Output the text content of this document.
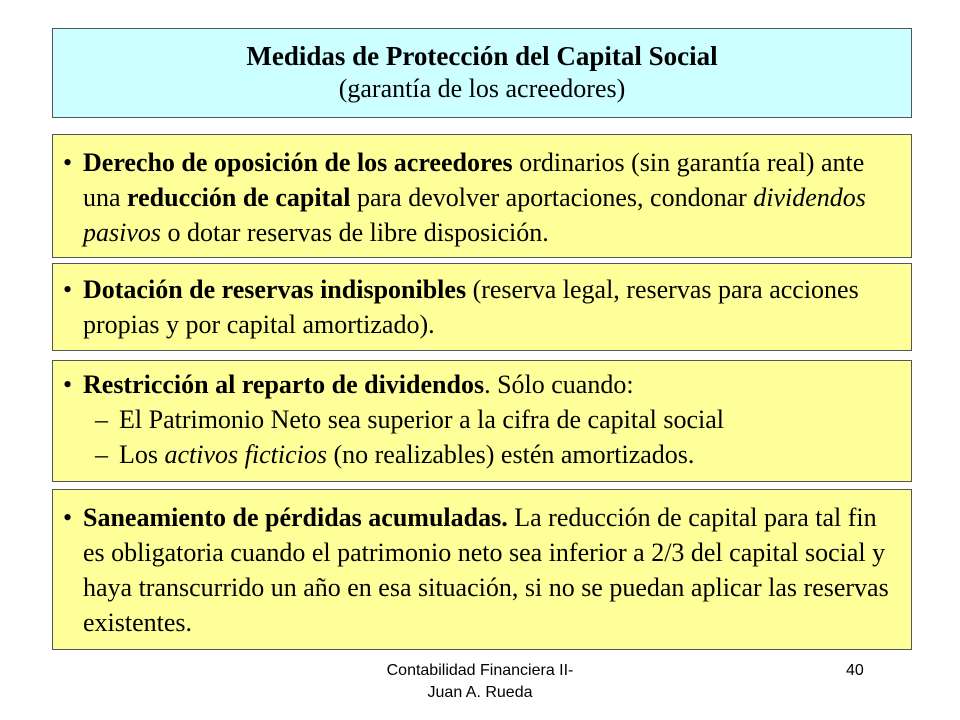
Medidas de Protección del Capital Social
(garantía de los acreedores)
• Derecho de oposición de los acreedores ordinarios (sin garantía real) ante una reducción de capital para devolver aportaciones, condonar dividendos pasivos o dotar reservas de libre disposición.
• Dotación de reservas indisponibles (reserva legal, reservas para acciones propias y por capital amortizado).
• Restricción al reparto de dividendos. Sólo cuando:
– El Patrimonio Neto sea superior a la cifra de capital social
– Los activos ficticios (no realizables) estén amortizados.
• Saneamiento de pérdidas acumuladas. La reducción de capital para tal fin es obligatoria cuando el patrimonio neto sea inferior a 2/3 del capital social y haya transcurrido un año en esa situación, si no se puedan aplicar las reservas existentes.
Contabilidad Financiera II-
Juan A. Rueda
40
